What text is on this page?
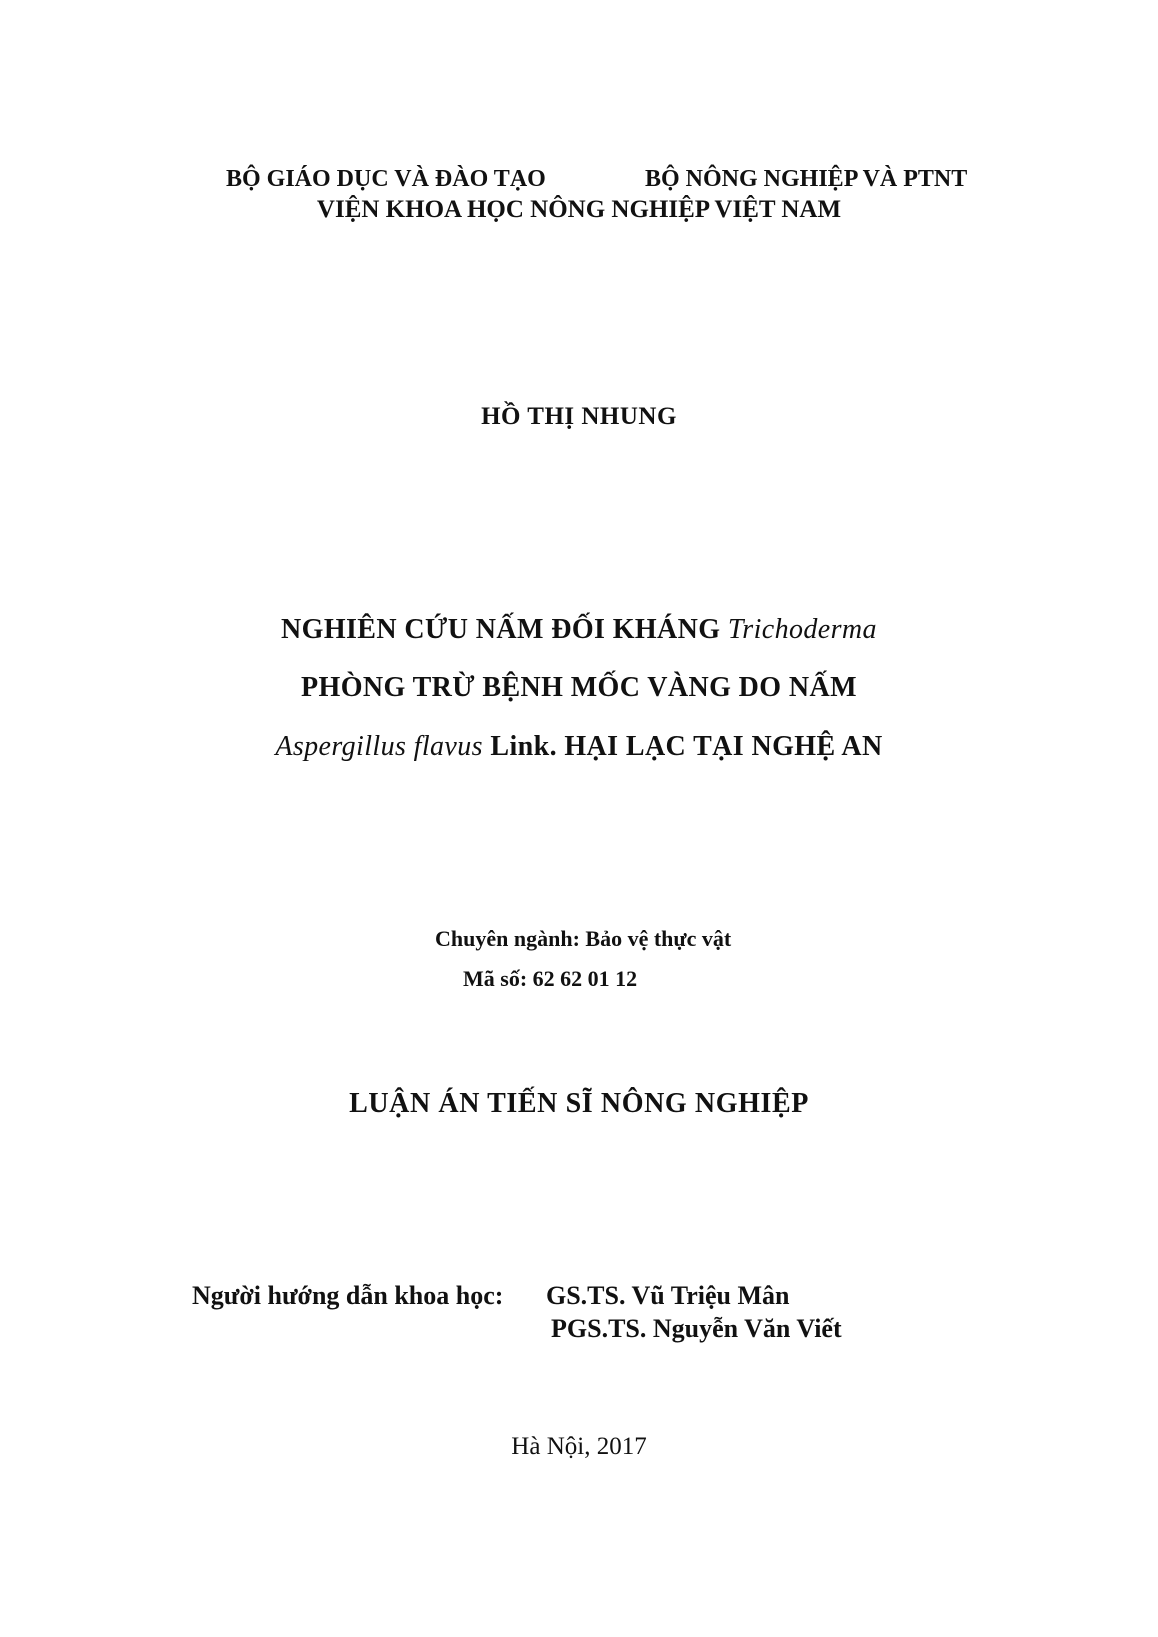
BỘ GIÁO DỤC VÀ ĐÀO TẠO	BỘ NÔNG NGHIỆP VÀ PTNT
VIỆN KHOA HỌC NÔNG NGHIỆP VIỆT NAM
HỒ THỊ NHUNG
NGHIÊN CỨU NẤM ĐỐI KHÁNG Trichoderma
PHÒNG TRỪ BỆNH MỐC VÀNG DO NẤM
Aspergillus flavus Link. HẠI LẠC TẠI NGHỆ AN
Chuyên ngành: Bảo vệ thực vật
Mã số: 62 62 01 12
LUẬN ÁN TIẾN SĨ NÔNG NGHIỆP
Người hướng dẫn khoa học: GS.TS. Vũ Triệu Mân
PGS.TS. Nguyễn Văn Viết
Hà Nội, 2017
